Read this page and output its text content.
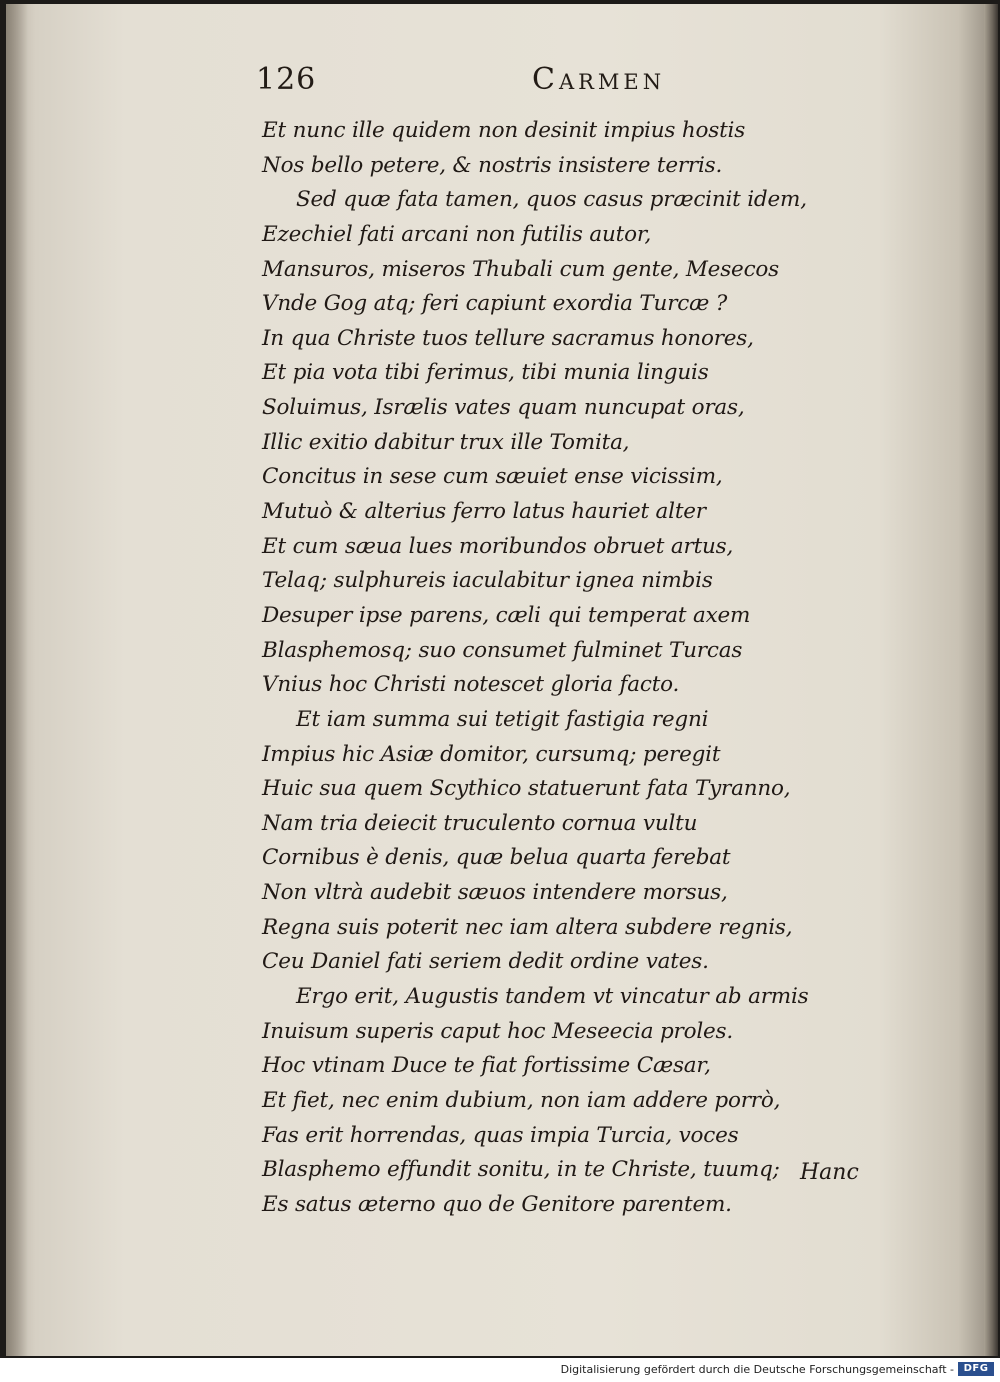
126	Carmen
Et nunc ille quidem non desinit impius hostis
Nos bello petere, & nostris insistere terris.
Sed quæ fata tamen, quos casus præcinit idem,
Ezechiel fati arcani non futilis autor,
Mansuros, miseros Thubali cum gente, Mesecos
Vnde Gog atq; feri capiunt exordia Turcæ ?
In qua Christe tuos tellure sacramus honores,
Et pia vota tibi ferimus, tibi munia linguis
Soluimus, Isrælis vates quam nuncupat oras,
Illic exitio dabitur trux ille Tomita,
Concitus in sese cum sæuiet ense vicissim,
Mutuò & alterius ferro latus hauriet alter
Et cum sæua lues moribundos obruet artus,
Telaq; sulphureis iaculabitur ignea nimbis
Desuper ipse parens, cæli qui temperat axem
Blasphemosq; suo consumet fulminet Turcas
Vnius hoc Christi notescet gloria facto.
Et iam summa sui tetigit fastigia regni
Impius hic Asiæ domitor, cursumq; peregit
Huic sua quem Scythico statuerunt fata Tyranno,
Nam tria deiecit truculento cornua vultu
Cornibus è denis, quæ belua quarta ferebat
Non vltrà audebit sæuos intendere morsus,
Regna suis poterit nec iam altera subdere regnis,
Ceu Daniel fati seriem dedit ordine vates.
Ergo erit, Augustis tandem vt vincatur ab armis
Inuisum superis caput hoc Meseecia proles.
Hoc vtinam Duce te fiat fortissime Cæsar,
Et fiet, nec enim dubium, non iam addere porrò,
Fas erit horrendas, quas impia Turcia, voces
Blasphemo effundit sonitu, in te Christe, tuumq;
Es satus æterno quo de Genitore parentem.
Hanc
Digitalisierung gefördert durch die Deutsche Forschungsgemeinschaft - DFG
